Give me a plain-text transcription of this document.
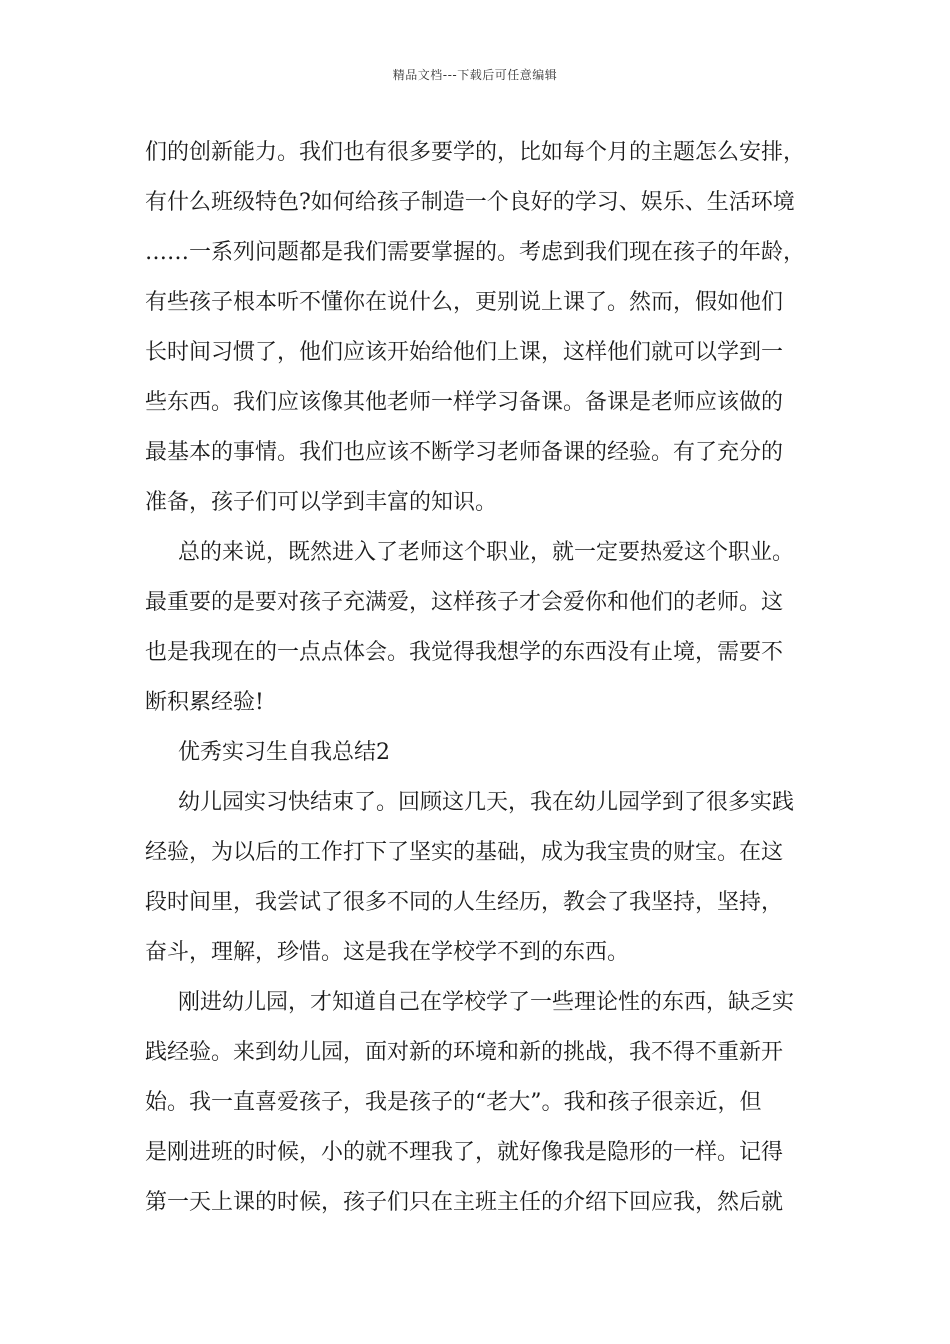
精品文档---下载后可任意编辑
们的创新能力。我们也有很多要学的，比如每个月的主题怎么安排，
有什么班级特色?如何给孩子制造一个良好的学习、娱乐、生活环境
……一系列问题都是我们需要掌握的。考虑到我们现在孩子的年龄，
有些孩子根本听不懂你在说什么，更别说上课了。然而，假如他们
长时间习惯了，他们应该开始给他们上课，这样他们就可以学到一
些东西。我们应该像其他老师一样学习备课。备课是老师应该做的
最基本的事情。我们也应该不断学习老师备课的经验。有了充分的
准备，孩子们可以学到丰富的知识。
总的来说，既然进入了老师这个职业，就一定要热爱这个职业。
最重要的是要对孩子充满爱，这样孩子才会爱你和他们的老师。这
也是我现在的一点点体会。我觉得我想学的东西没有止境，需要不
断积累经验!
优秀实习生自我总结2
幼儿园实习快结束了。回顾这几天，我在幼儿园学到了很多实践
经验，为以后的工作打下了坚实的基础，成为我宝贵的财宝。在这
段时间里，我尝试了很多不同的人生经历，教会了我坚持，坚持，
奋斗，理解，珍惜。这是我在学校学不到的东西。
刚进幼儿园，才知道自己在学校学了一些理论性的东西，缺乏实
践经验。来到幼儿园，面对新的环境和新的挑战，我不得不重新开
始。我一直喜爱孩子，我是孩子的“老大”。我和孩子很亲近，但
是刚进班的时候，小的就不理我了，就好像我是隐形的一样。记得
第一天上课的时候，孩子们只在主班主任的介绍下回应我，然后就
